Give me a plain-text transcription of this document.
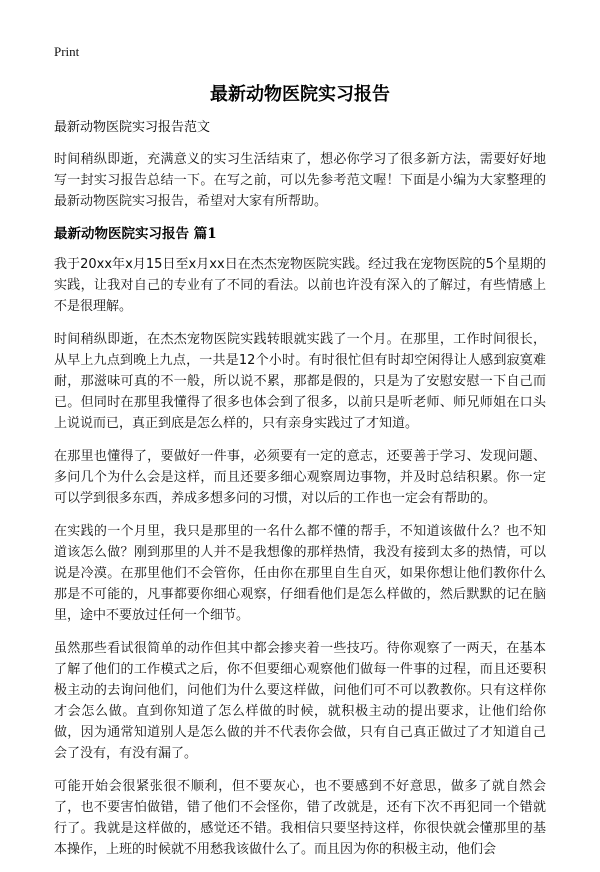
Print
最新动物医院实习报告

最新动物医院实习报告范文

时间稍纵即逝，充满意义的实习生活结束了，想必你学习了很多新方法，需要好好地写一封实习报告总结一下。在写之前，可以先参考范文喔！下面是小编为大家整理的最新动物医院实习报告，希望对大家有所帮助。

最新动物医院实习报告 篇1

我于20xx年x月15日至x月xx日在杰杰宠物医院实践。经过我在宠物医院的5个星期的实践，让我对自己的专业有了不同的看法。以前也许没有深入的了解过，有些情感上不是很理解。

时间稍纵即逝，在杰杰宠物医院实践转眼就实践了一个月。在那里，工作时间很长，从早上九点到晚上九点，一共是12个小时。有时很忙但有时却空闲得让人感到寂寞难耐，那滋味可真的不一般，所以说不累，那都是假的，只是为了安慰安慰一下自己而已。但同时在那里我懂得了很多也体会到了很多，以前只是听老师、师兄师姐在口头上说说而已，真正到底是怎么样的，只有亲身实践过了才知道。

在那里也懂得了，要做好一件事，必须要有一定的意志，还要善于学习、发现问题、多问几个为什么会是这样，而且还要多细心观察周边事物，并及时总结积累。你一定可以学到很多东西，养成多想多问的习惯，对以后的工作也一定会有帮助的。

在实践的一个月里，我只是那里的一名什么都不懂的帮手，不知道该做什么？也不知道该怎么做？刚到那里的人并不是我想像的那样热情，我没有接到太多的热情，可以说是冷漠。在那里他们不会管你，任由你在那里自生自灭，如果你想让他们教你什么那是不可能的，凡事都要你细心观察，仔细看他们是怎么样做的，然后默默的记在脑里，途中不要放过任何一个细节。

虽然那些看试很简单的动作但其中都会掺夹着一些技巧。待你观察了一两天，在基本了解了他们的工作模式之后，你不但要细心观察他们做每一件事的过程，而且还要积极主动的去询问他们，问他们为什么要这样做，问他们可不可以教教你。只有这样你才会怎么做。直到你知道了怎么样做的时候，就积极主动的提出要求，让他们给你做，因为通常知道别人是怎么做的并不代表你会做，只有自己真正做过了才知道自己会了没有，有没有漏了。

可能开始会很紧张很不顺利，但不要灰心，也不要感到不好意思，做多了就自然会了，也不要害怕做错，错了他们不会怪你，错了改就是，还有下次不再犯同一个错就行了。我就是这样做的，感觉还不错。我相信只要坚持这样，你很快就会懂那里的基本操作，上班的时候就不用愁我该做什么了。而且因为你的积极主动，他们会
